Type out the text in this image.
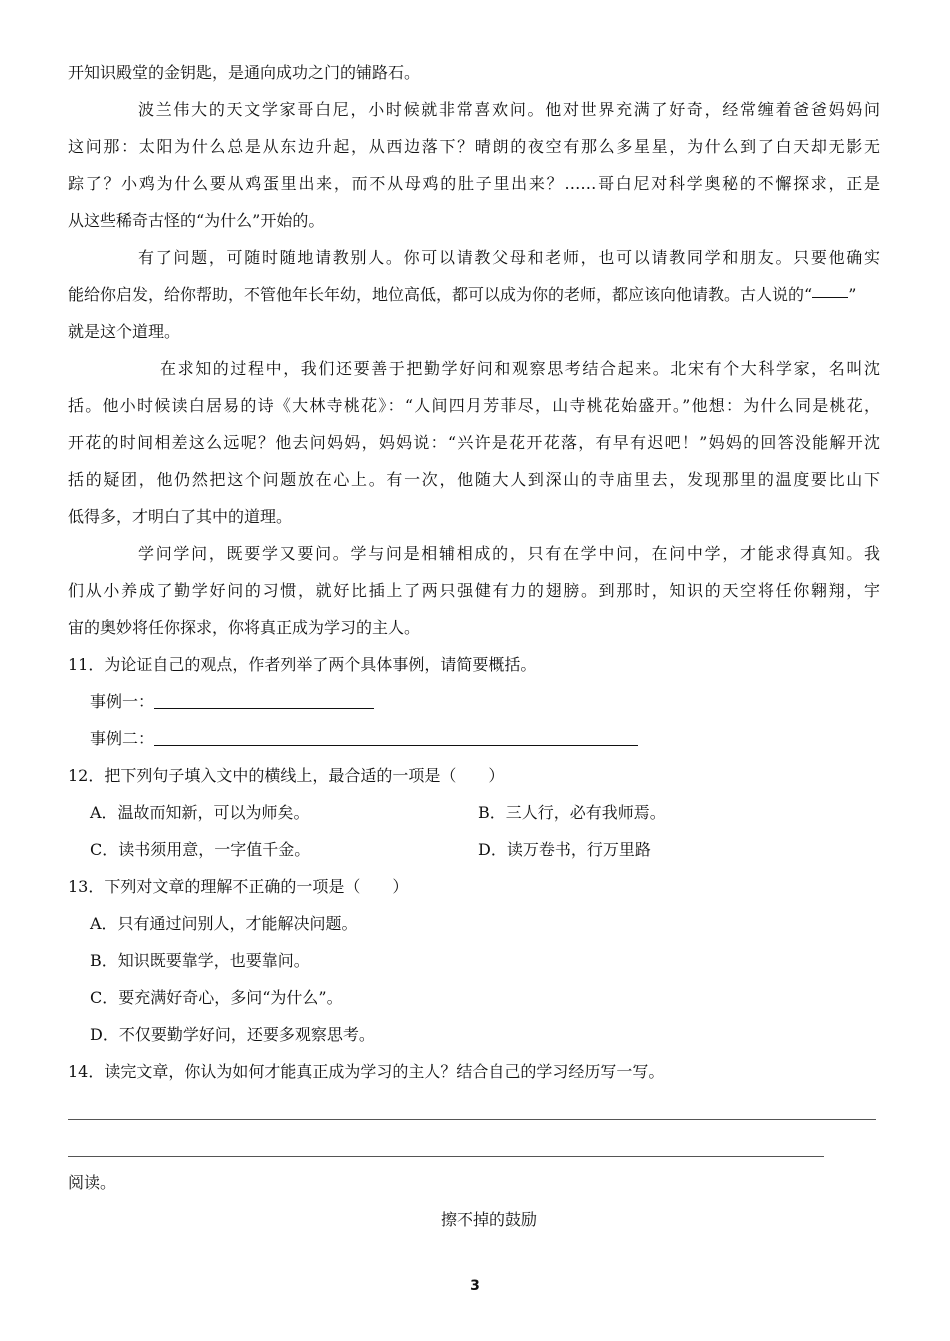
开知识殿堂的金钥匙，是通向成功之门的铺路石。
波兰伟大的天文学家哥白尼，小时候就非常喜欢问。他对世界充满了好奇，经常缠着爸爸妈妈问
这问那：太阳为什么总是从东边升起，从西边落下？晴朗的夜空有那么多星星，为什么到了白天却无影无
踪了？小鸡为什么要从鸡蛋里出来，而不从母鸡的肚子里出来？……哥白尼对科学奥秘的不懈探求，正是
从这些稀奇古怪的“为什么”开始的。
有了问题，可随时随地请教别人。你可以请教父母和老师，也可以请教同学和朋友。只要他确实
能给你启发，给你帮助，不管他年长年幼，地位高低，都可以成为你的老师，都应该向他请教。古人说的“ ”
就是这个道理。
在求知的过程中，我们还要善于把勤学好问和观察思考结合起来。北宋有个大科学家，名叫沈
括。他小时候读白居易的诗《大林寺桃花》：“人间四月芳菲尽，山寺桃花始盛开。”他想：为什么同是桃花，
开花的时间相差这么远呢？他去问妈妈，妈妈说：“兴许是花开花落，有早有迟吧！”妈妈的回答没能解开沈
括的疑团，他仍然把这个问题放在心上。有一次，他随大人到深山的寺庙里去，发现那里的温度要比山下
低得多，才明白了其中的道理。
学问学问，既要学又要问。学与问是相辅相成的，只有在学中问，在问中学，才能求得真知。我
们从小养成了勤学好问的习惯，就好比插上了两只强健有力的翅膀。到那时，知识的天空将任你翱翔，宇
宙的奥妙将任你探求，你将真正成为学习的主人。
11．为论证自己的观点，作者列举了两个具体事例，请简要概括。
事例一：
事例二：
12．把下列句子填入文中的横线上，最合适的一项是（　　）
A．温故而知新，可以为师矣。	B．三人行，必有我师焉。
C．读书须用意，一字值千金。	D．读万卷书，行万里路
13．下列对文章的理解不正确的一项是（　　）
A．只有通过问别人，才能解决问题。
B．知识既要靠学，也要靠问。
C．要充满好奇心，多问“为什么”。
D．不仅要勤学好问，还要多观察思考。
14．读完文章，你认为如何才能真正成为学习的主人？结合自己的学习经历写一写。
阅读。
擦不掉的鼓励
3
